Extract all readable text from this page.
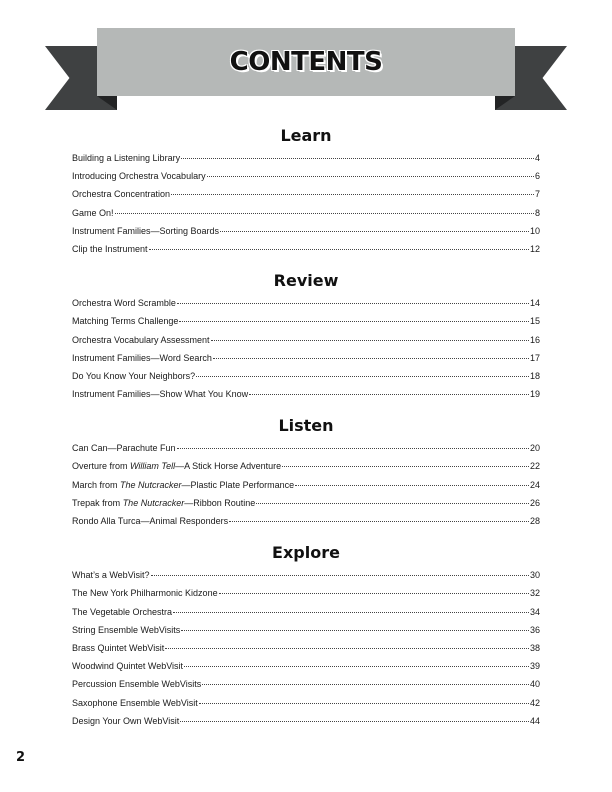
CONTENTS
Learn
Building a Listening Library	4
Introducing Orchestra Vocabulary	6
Orchestra Concentration	7
Game On!	8
Instrument Families—Sorting Boards	10
Clip the Instrument	12
Review
Orchestra Word Scramble	14
Matching Terms Challenge	15
Orchestra Vocabulary Assessment	16
Instrument Families—Word Search	17
Do You Know Your Neighbors?	18
Instrument Families—Show What You Know	19
Listen
Can Can—Parachute Fun	20
Overture from William Tell—A Stick Horse Adventure	22
March from The Nutcracker—Plastic Plate Performance	24
Trepak from The Nutcracker—Ribbon Routine	26
Rondo Alla Turca—Animal Responders	28
Explore
What’s a WebVisit?	30
The New York Philharmonic Kidzone	32
The Vegetable Orchestra	34
String Ensemble WebVisits	36
Brass Quintet WebVisit	38
Woodwind Quintet WebVisit	39
Percussion Ensemble WebVisits	40
Saxophone Ensemble WebVisit	42
Design Your Own WebVisit	44
2
